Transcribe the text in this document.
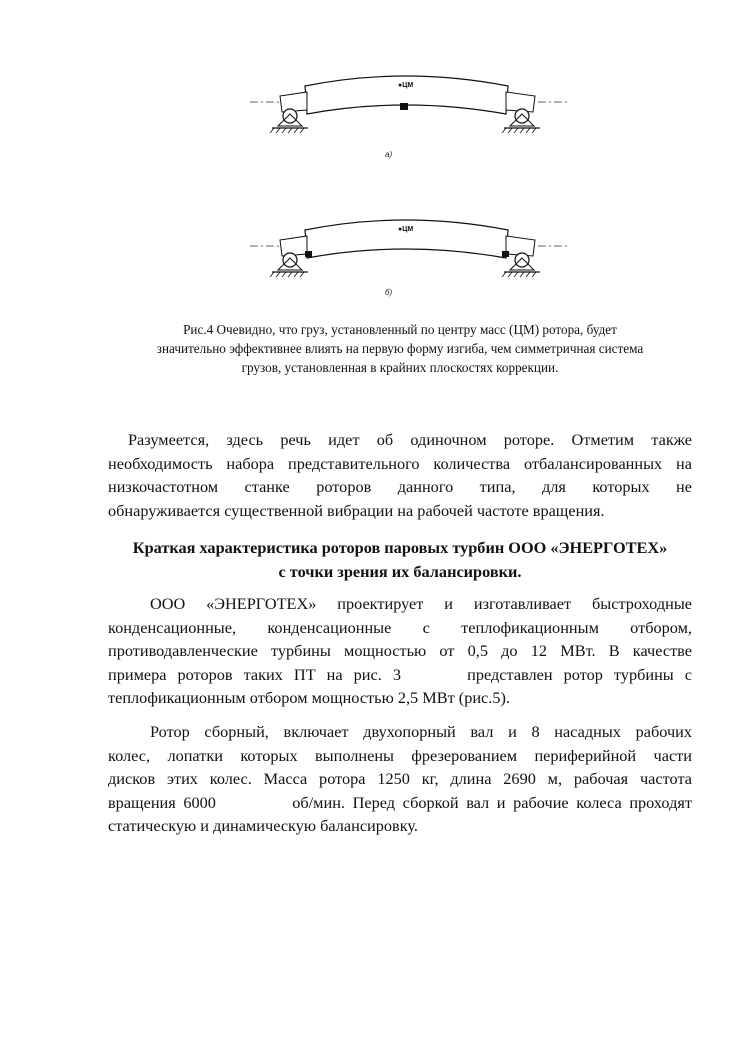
●ЦМ
а)
●ЦМ
б)
Рис.4 Очевидно, что груз, установленный по центру масс (ЦМ) ротора, будет
значительно эффективнее влиять на первую форму изгиба, чем симметричная система
грузов, установленная в крайних плоскостях коррекции.
Разумеется, здесь речь идет об одиночном роторе. Отметим также
необходимость набора представительного количества отбалансированных на
низкочастотном станке роторов данного типа, для которых не
обнаруживается существенной вибрации на рабочей частоте вращения.
Краткая характеристика роторов паровых турбин ООО «ЭНЕРГОТЕХ»
с точки зрения их балансировки.
ООО «ЭНЕРГОТЕХ» проектирует и изготавливает быстроходные
конденсационные, конденсационные с теплофикационным отбором,
противодавленческие турбины мощностью от 0,5 до 12 МВт. В качестве
примера роторов таких ПТ на рис. 3      представлен ротор турбины с
теплофикационным отбором мощностью 2,5 МВт (рис.5).
Ротор сборный, включает двухопорный вал и 8 насадных рабочих
колес, лопатки которых выполнены фрезерованием периферийной части
дисков этих колес. Масса ротора 1250 кг, длина 2690 м, рабочая частота
вращения 6000          об/мин. Перед сборкой вал и рабочие колеса проходят
статическую и динамическую балансировку.
